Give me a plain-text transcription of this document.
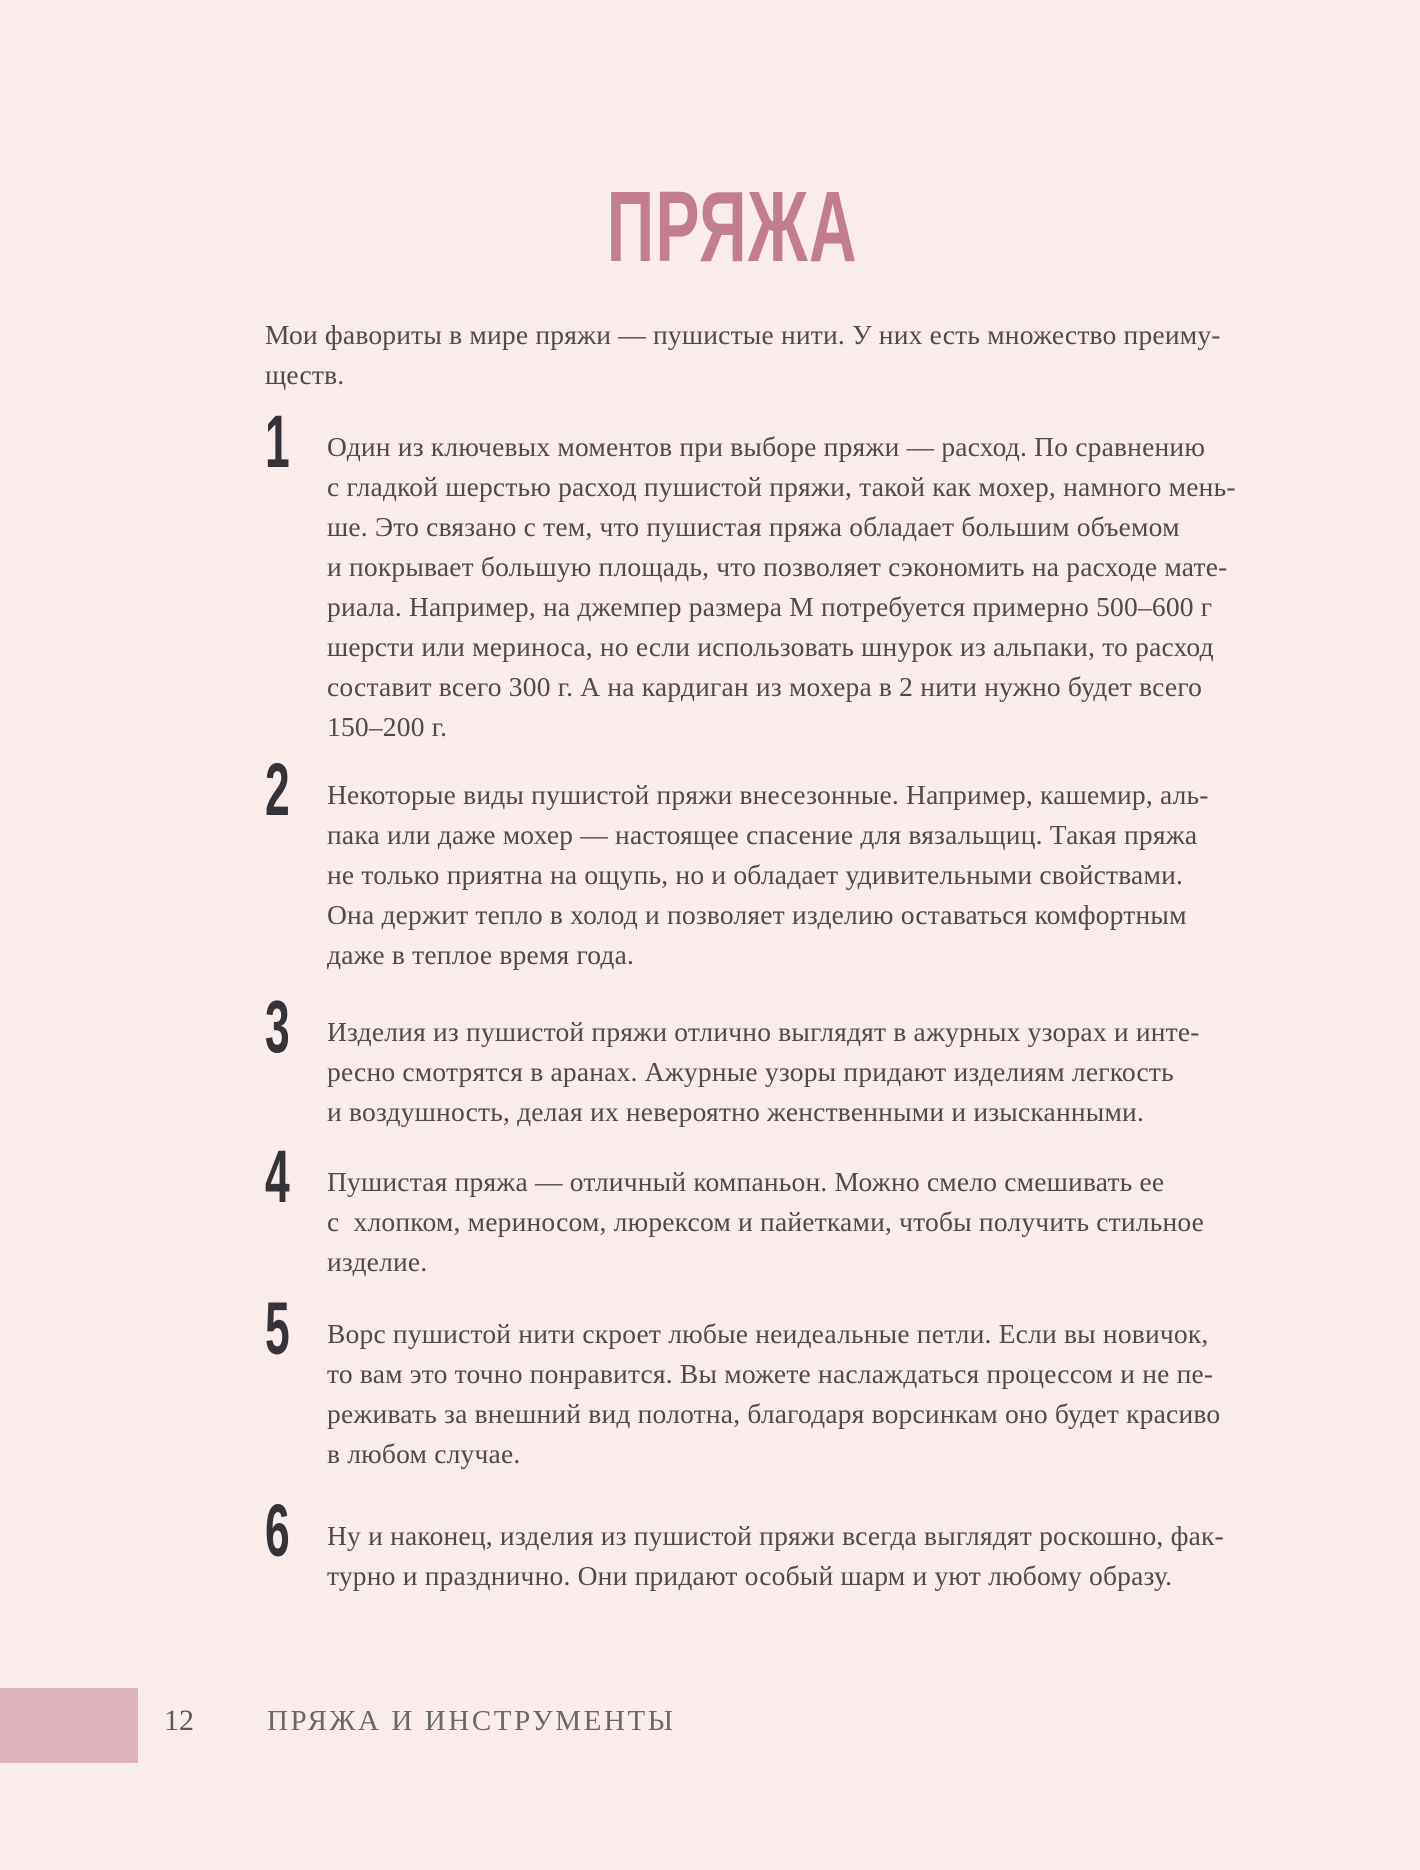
ПРЯЖА
Мои фавориты в мире пряжи — пушистые нити. У них есть множество преиму-
ществ.
1 Один из ключевых моментов при выборе пряжи — расход. По сравнению
с гладкой шерстью расход пушистой пряжи, такой как мохер, намного мень-
ше. Это связано с тем, что пушистая пряжа обладает большим объемом
и покрывает большую площадь, что позволяет сэкономить на расходе мате-
риала. Например, на джемпер размера М потребуется примерно 500–600 г
шерсти или мериноса, но если использовать шнурок из альпаки, то расход
составит всего 300 г. А на кардиган из мохера в 2 нити нужно будет всего
150–200 г.
2 Некоторые виды пушистой пряжи внесезонные. Например, кашемир, аль-
пака или даже мохер — настоящее спасение для вязальщиц. Такая пряжа
не только приятна на ощупь, но и обладает удивительными свойствами.
Она держит тепло в холод и позволяет изделию оставаться комфортным
даже в теплое время года.
3 Изделия из пушистой пряжи отлично выглядят в ажурных узорах и инте-
ресно смотрятся в аранах. Ажурные узоры придают изделиям легкость
и воздушность, делая их невероятно женственными и изысканными.
4 Пушистая пряжа — отличный компаньон. Можно смело смешивать ее
с  хлопком, мериносом, люрексом и пайетками, чтобы получить стильное
изделие.
5 Ворс пушистой нити скроет любые неидеальные петли. Если вы новичок,
то вам это точно понравится. Вы можете наслаждаться процессом и не пе-
реживать за внешний вид полотна, благодаря ворсинкам оно будет красиво
в любом случае.
6 Ну и наконец, изделия из пушистой пряжи всегда выглядят роскошно, фак-
турно и празднично. Они придают особый шарм и уют любому образу.
12	ПРЯЖА И ИНСТРУМЕНТЫ
